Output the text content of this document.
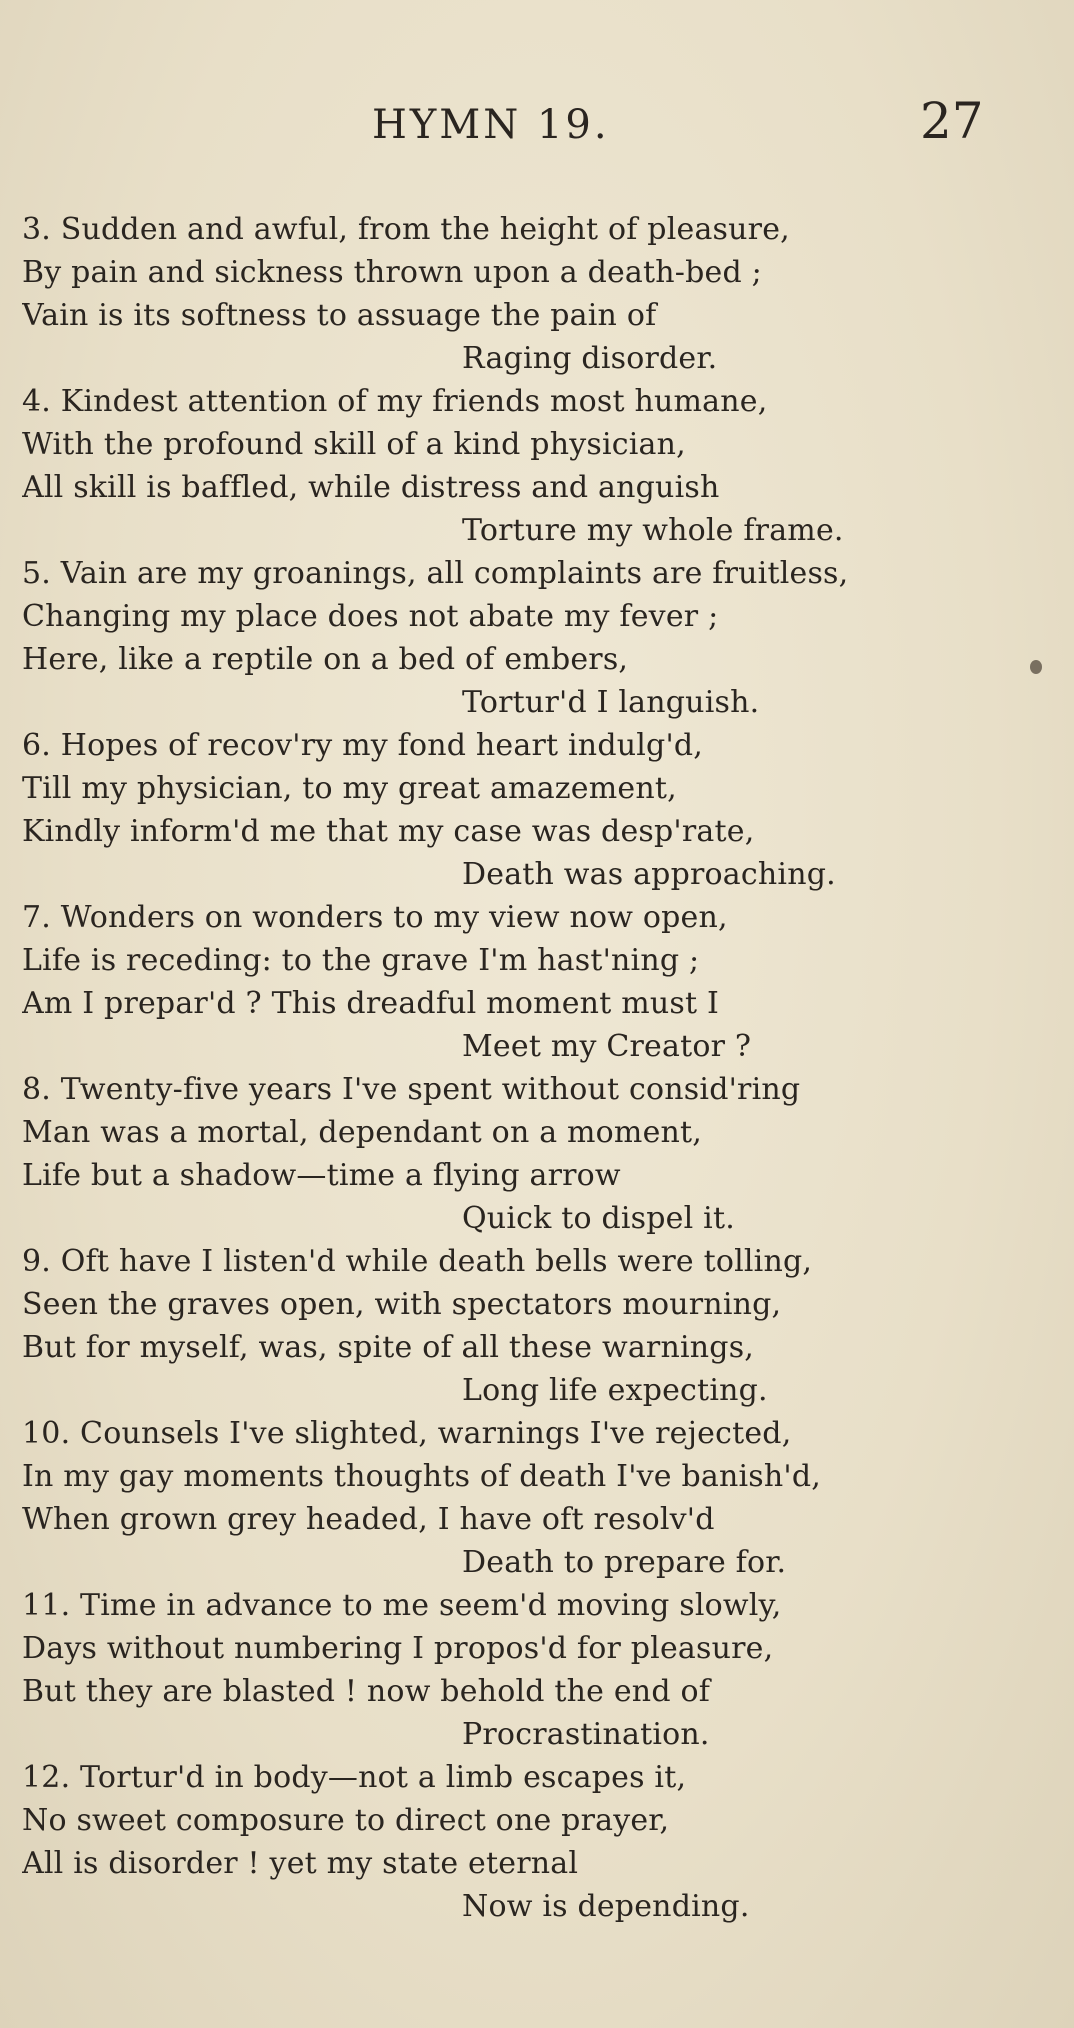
HYMN 19.	27
3. Sudden and awful, from the height of pleasure,
By pain and sickness thrown upon a death-bed ;
Vain is its softness to assuage the pain of
Raging disorder.
4. Kindest attention of my friends most humane,
With the profound skill of a kind physician,
All skill is baffled, while distress and anguish
Torture my whole frame.
5. Vain are my groanings, all complaints are fruitless,
Changing my place does not abate my fever ;
Here, like a reptile on a bed of embers,
Tortur'd I languish.
6. Hopes of recov'ry my fond heart indulg'd,
Till my physician, to my great amazement,
Kindly inform'd me that my case was desp'rate,
Death was approaching.
7. Wonders on wonders to my view now open,
Life is receding: to the grave I'm hast'ning ;
Am I prepar'd ? This dreadful moment must I
Meet my Creator ?
8. Twenty-five years I've spent without consid'ring
Man was a mortal, dependant on a moment,
Life but a shadow—time a flying arrow
Quick to dispel it.
9. Oft have I listen'd while death bells were tolling,
Seen the graves open, with spectators mourning,
But for myself, was, spite of all these warnings,
Long life expecting.
10. Counsels I've slighted, warnings I've rejected,
In my gay moments thoughts of death I've banish'd,
When grown grey headed, I have oft resolv'd
Death to prepare for.
11. Time in advance to me seem'd moving slowly,
Days without numbering I propos'd for pleasure,
But they are blasted ! now behold the end of
Procrastination.
12. Tortur'd in body—not a limb escapes it,
No sweet composure to direct one prayer,
All is disorder ! yet my state eternal
Now is depending.
